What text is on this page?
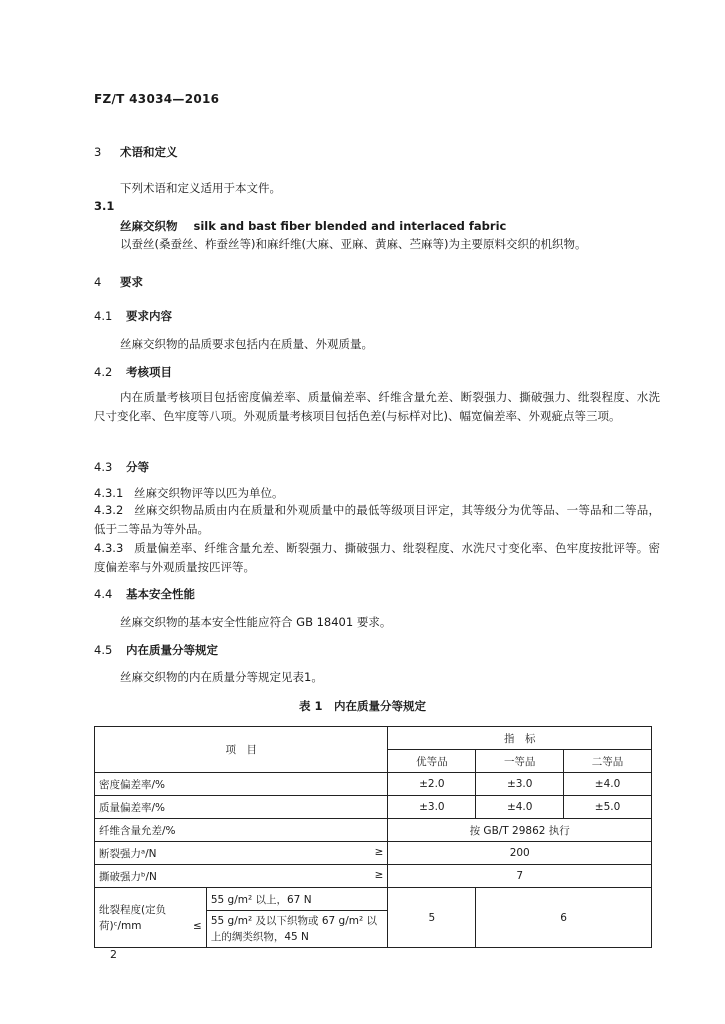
FZ/T 43034—2016
3 术语和定义
下列术语和定义适用于本文件。
3.1
丝麻交织物 silk and bast fiber blended and interlaced fabric
以蚕丝(桑蚕丝、柞蚕丝等)和麻纤维(大麻、亚麻、黄麻、苎麻等)为主要原料交织的机织物。
4 要求
4.1 要求内容
丝麻交织物的品质要求包括内在质量、外观质量。
4.2 考核项目
内在质量考核项目包括密度偏差率、质量偏差率、纤维含量允差、断裂强力、撕破强力、纰裂程度、水洗尺寸变化率、色牢度等八项。外观质量考核项目包括色差(与标样对比)、幅宽偏差率、外观疵点等三项。
4.3 分等
4.3.1 丝麻交织物评等以匹为单位。
4.3.2 丝麻交织物品质由内在质量和外观质量中的最低等级项目评定，其等级分为优等品、一等品和二等品，低于二等品为等外品。
4.3.3 质量偏差率、纤维含量允差、断裂强力、撕破强力、纰裂程度、水洗尺寸变化率、色牢度按批评等。密度偏差率与外观质量按匹评等。
4.4 基本安全性能
丝麻交织物的基本安全性能应符合 GB 18401 要求。
4.5 内在质量分等规定
丝麻交织物的内在质量分等规定见表1。
表 1　内在质量分等规定
项　目		指　标		
		优等品	一等品	二等品
密度偏差率/%		±2.0	±3.0	±4.0
质量偏差率/%		±3.0	±4.0	±5.0
纤维含量允差/%		按 GB/T 29862 执行		
断裂强力ᵃ/N ≥		200		
撕破强力ᵇ/N ≥		7		
纰裂程度(定负荷)ᶜ/mm ≤	55 g/m² 以上，67 N	5	6	
	55 g/m² 及以下织物或 67 g/m² 以上的绸类织物，45 N			
2
